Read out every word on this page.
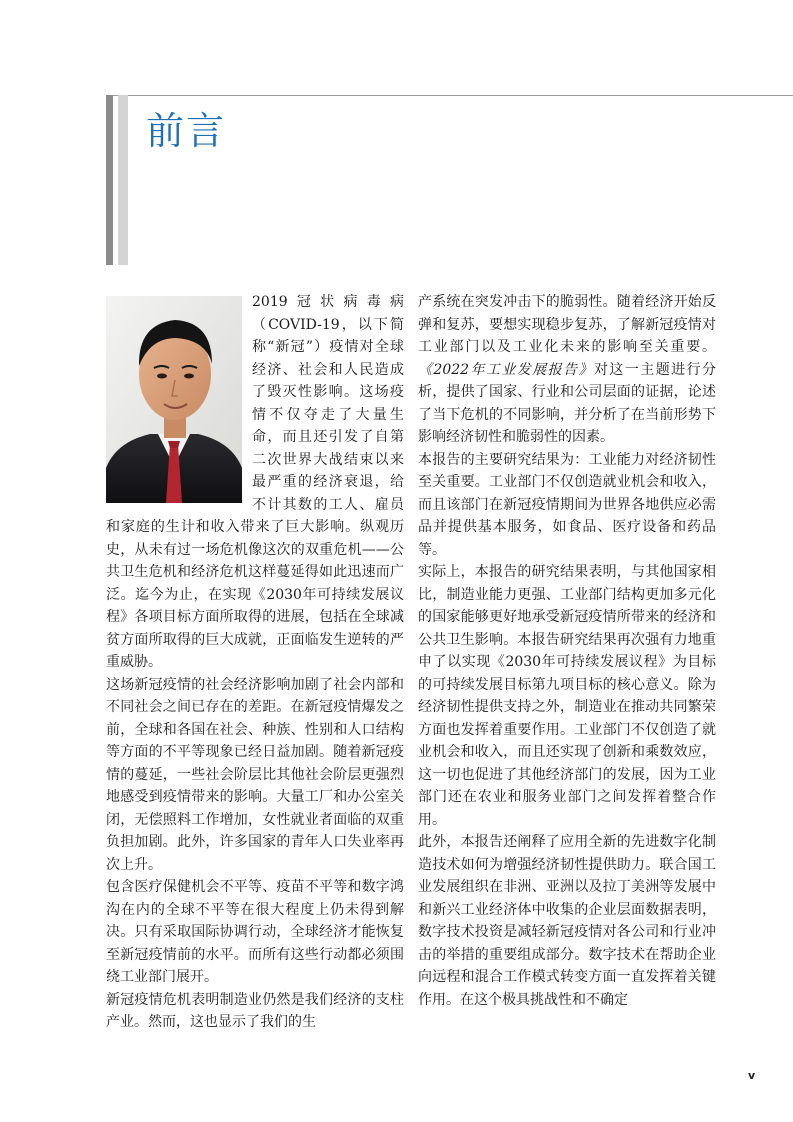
前言

2019冠状病毒病（COVID-19，以下简称“新冠”）疫情对全球经济、社会和人民造成了毁灭性影响。这场疫情不仅夺走了大量生命，而且还引发了自第二次世界大战结束以来最严重的经济衰退，给不计其数的工人、雇员和家庭的生计和收入带来了巨大影响。纵观历史，从未有过一场危机像这次的双重危机——公共卫生危机和经济危机这样蔓延得如此迅速而广泛。迄今为止，在实现《2030年可持续发展议程》各项目标方面所取得的进展，包括在全球减贫方面所取得的巨大成就，正面临发生逆转的严重威胁。

这场新冠疫情的社会经济影响加剧了社会内部和不同社会之间已存在的差距。在新冠疫情爆发之前，全球和各国在社会、种族、性别和人口结构等方面的不平等现象已经日益加剧。随着新冠疫情的蔓延，一些社会阶层比其他社会阶层更强烈地感受到疫情带来的影响。大量工厂和办公室关闭，无偿照料工作增加，女性就业者面临的双重负担加剧。此外，许多国家的青年人口失业率再次上升。

包含医疗保健机会不平等、疫苗不平等和数字鸿沟在内的全球不平等在很大程度上仍未得到解决。只有采取国际协调行动，全球经济才能恢复至新冠疫情前的水平。而所有这些行动都必须围绕工业部门展开。

新冠疫情危机表明制造业仍然是我们经济的支柱产业。然而，这也显示了我们的生

产系统在突发冲击下的脆弱性。随着经济开始反弹和复苏，要想实现稳步复苏，了解新冠疫情对工业部门以及工业化未来的影响至关重要。《2022年工业发展报告》对这一主题进行分析，提供了国家、行业和公司层面的证据，论述了当下危机的不同影响，并分析了在当前形势下影响经济韧性和脆弱性的因素。

本报告的主要研究结果为：工业能力对经济韧性至关重要。工业部门不仅创造就业机会和收入，而且该部门在新冠疫情期间为世界各地供应必需品并提供基本服务，如食品、医疗设备和药品等。

实际上，本报告的研究结果表明，与其他国家相比，制造业能力更强、工业部门结构更加多元化的国家能够更好地承受新冠疫情所带来的经济和公共卫生影响。本报告研究结果再次强有力地重申了以实现《2030年可持续发展议程》为目标的可持续发展目标第九项目标的核心意义。除为经济韧性提供支持之外，制造业在推动共同繁荣方面也发挥着重要作用。工业部门不仅创造了就业机会和收入，而且还实现了创新和乘数效应，这一切也促进了其他经济部门的发展，因为工业部门还在农业和服务业部门之间发挥着整合作用。

此外，本报告还阐释了应用全新的先进数字化制造技术如何为增强经济韧性提供助力。联合国工业发展组织在非洲、亚洲以及拉丁美洲等发展中和新兴工业经济体中收集的企业层面数据表明，数字技术投资是减轻新冠疫情对各公司和行业冲击的举措的重要组成部分。数字技术在帮助企业向远程和混合工作模式转变方面一直发挥着关键作用。在这个极具挑战性和不确定

v
